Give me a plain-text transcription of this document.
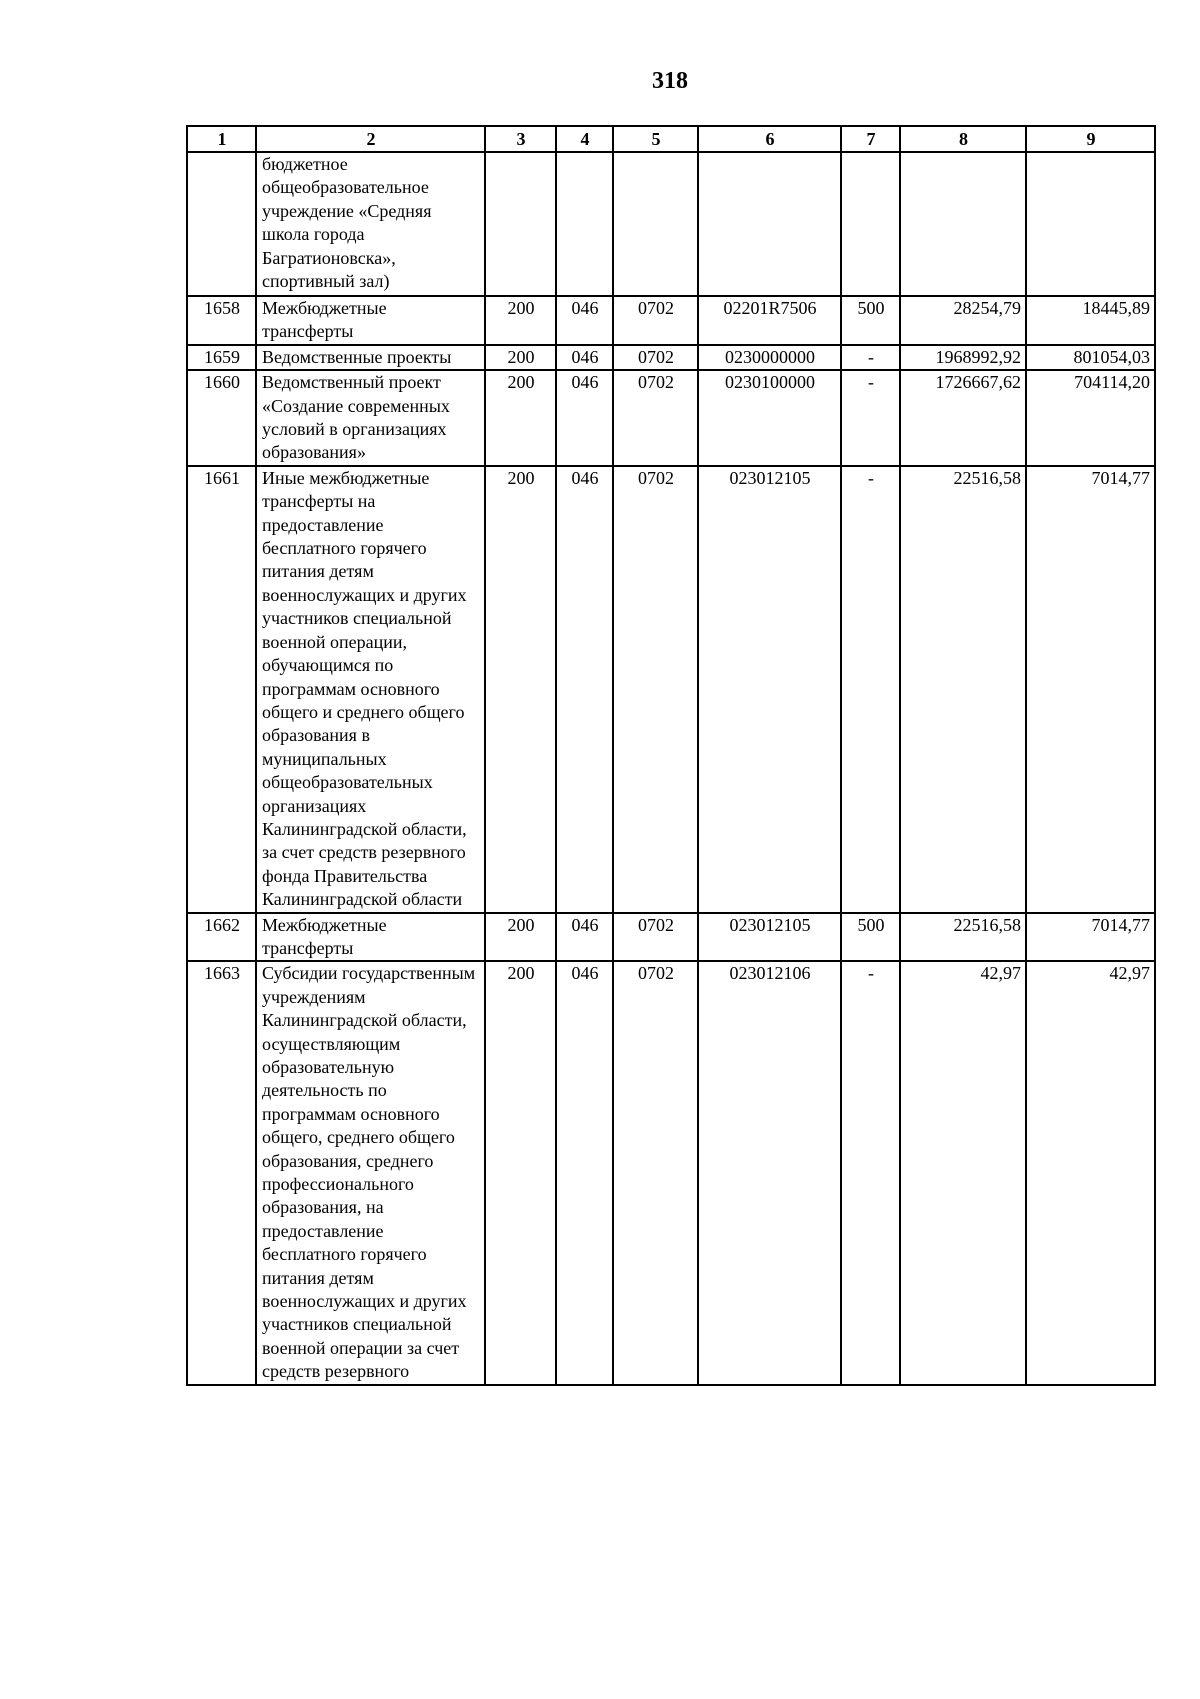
318
1	2	3	4	5	6	7	8	9
	бюджетное общеобразовательное учреждение «Средняя школа города Багратионовска», спортивный зал)							
1658	Межбюджетные трансферты	200	046	0702	02201R7506	500	28254,79	18445,89
1659	Ведомственные проекты	200	046	0702	0230000000	-	1968992,92	801054,03
1660	Ведомственный проект «Создание современных условий в организациях образования»	200	046	0702	0230100000	-	1726667,62	704114,20
1661	Иные межбюджетные трансферты на предоставление бесплатного горячего питания детям военнослужащих и других участников специальной военной операции, обучающимся по программам основного общего и среднего общего образования в муниципальных общеобразовательных организациях Калининградской области, за счет средств резервного фонда Правительства Калининградской области	200	046	0702	023012105	-	22516,58	7014,77
1662	Межбюджетные трансферты	200	046	0702	023012105	500	22516,58	7014,77
1663	Субсидии государственным учреждениям Калининградской области, осуществляющим образовательную деятельность по программам основного общего, среднего общего образования, среднего профессионального образования, на предоставление бесплатного горячего питания детям военнослужащих и других участников специальной военной операции за счет средств резервного	200	046	0702	023012106	-	42,97	42,97
